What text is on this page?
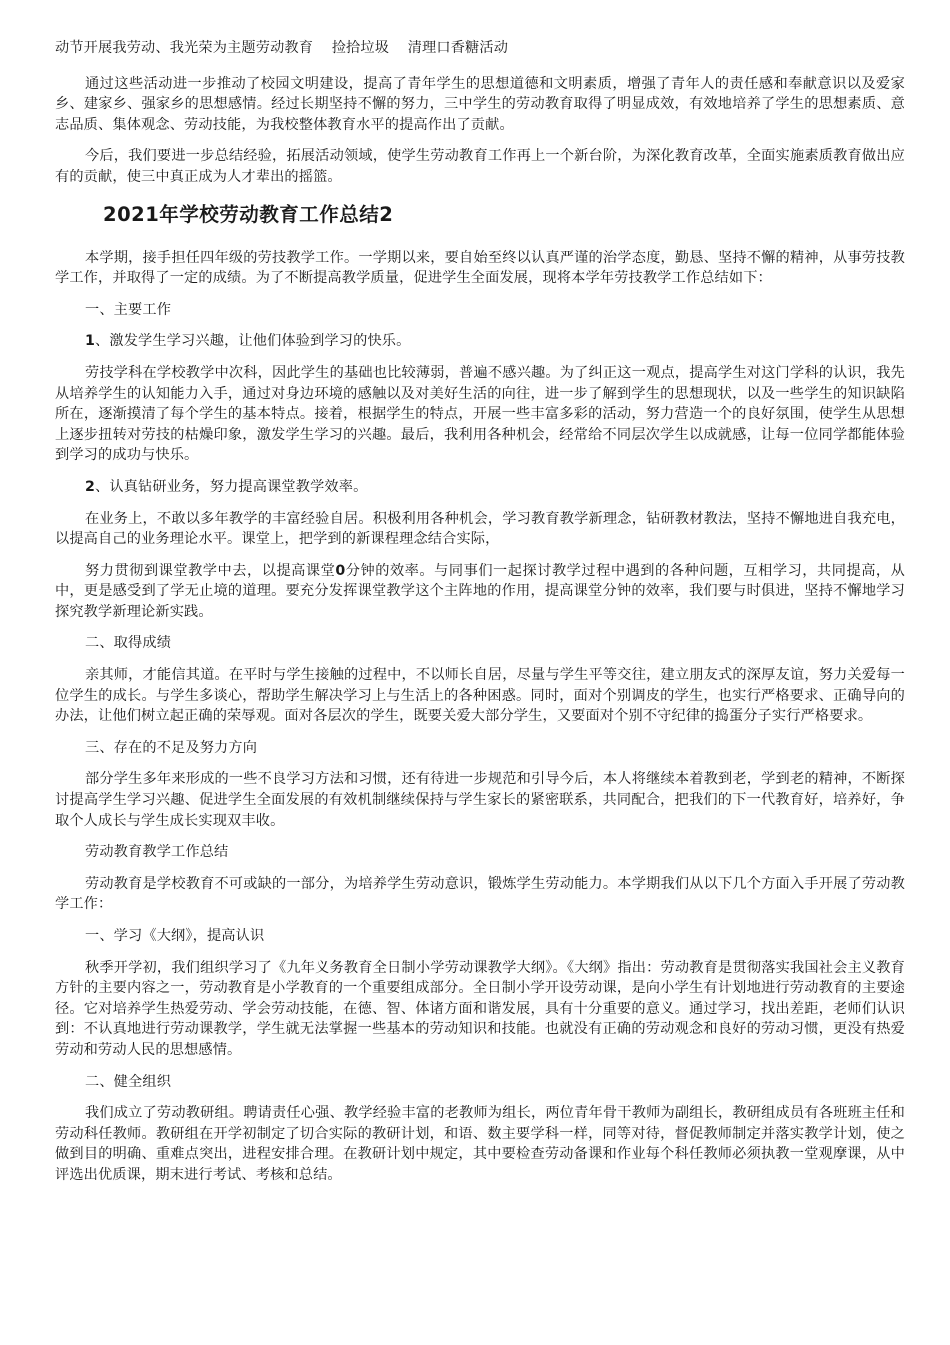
动节开展我劳动、我光荣为主题劳动教育    捡拾垃圾    清理口香糖活动

通过这些活动进一步推动了校园文明建设，提高了青年学生的思想道德和文明素质，增强了青年人的责任感和奉献意识以及爱家乡、建家乡、强家乡的思想感情。经过长期坚持不懈的努力，三中学生的劳动教育取得了明显成效，有效地培养了学生的思想素质、意志品质、集体观念、劳动技能，为我校整体教育水平的提高作出了贡献。

今后，我们要进一步总结经验，拓展活动领域，使学生劳动教育工作再上一个新台阶，为深化教育改革，全面实施素质教育做出应有的贡献，使三中真正成为人才辈出的摇篮。

2021年学校劳动教育工作总结2

本学期，接手担任四年级的劳技教学工作。一学期以来，要自始至终以认真严谨的治学态度，勤恳、坚持不懈的精神，从事劳技教学工作，并取得了一定的成绩。为了不断提高教学质量，促进学生全面发展，现将本学年劳技教学工作总结如下：

一、主要工作

1、激发学生学习兴趣，让他们体验到学习的快乐。

劳技学科在学校教学中次科，因此学生的基础也比较薄弱，普遍不感兴趣。为了纠正这一观点，提高学生对这门学科的认识，我先从培养学生的认知能力入手，通过对身边环境的感触以及对美好生活的向往，进一步了解到学生的思想现状，以及一些学生的知识缺陷所在，逐渐摸清了每个学生的基本特点。接着，根据学生的特点，开展一些丰富多彩的活动，努力营造一个的良好氛围，使学生从思想上逐步扭转对劳技的枯燥印象，激发学生学习的兴趣。最后，我利用各种机会，经常给不同层次学生以成就感，让每一位同学都能体验到学习的成功与快乐。

2、认真钻研业务，努力提高课堂教学效率。

在业务上，不敢以多年教学的丰富经验自居。积极利用各种机会，学习教育教学新理念，钻研教材教法，坚持不懈地进自我充电，以提高自己的业务理论水平。课堂上，把学到的新课程理念结合实际，

努力贯彻到课堂教学中去，以提高课堂0分钟的效率。与同事们一起探讨教学过程中遇到的各种问题，互相学习，共同提高，从中，更是感受到了学无止境的道理。要充分发挥课堂教学这个主阵地的作用，提高课堂分钟的效率，我们要与时俱进，坚持不懈地学习探究教学新理论新实践。

二、取得成绩

亲其师，才能信其道。在平时与学生接触的过程中，不以师长自居，尽量与学生平等交往，建立朋友式的深厚友谊，努力关爱每一位学生的成长。与学生多谈心，帮助学生解决学习上与生活上的各种困惑。同时，面对个别调皮的学生，也实行严格要求、正确导向的办法，让他们树立起正确的荣辱观。面对各层次的学生，既要关爱大部分学生，又要面对个别不守纪律的捣蛋分子实行严格要求。

三、存在的不足及努力方向

部分学生多年来形成的一些不良学习方法和习惯，还有待进一步规范和引导今后，本人将继续本着教到老，学到老的精神，不断探讨提高学生学习兴趣、促进学生全面发展的有效机制继续保持与学生家长的紧密联系，共同配合，把我们的下一代教育好，培养好，争取个人成长与学生成长实现双丰收。

劳动教育教学工作总结

劳动教育是学校教育不可或缺的一部分，为培养学生劳动意识，锻炼学生劳动能力。本学期我们从以下几个方面入手开展了劳动教学工作：

一、学习《大纲》，提高认识

秋季开学初，我们组织学习了《九年义务教育全日制小学劳动课教学大纲》。《大纲》指出：劳动教育是贯彻落实我国社会主义教育方针的主要内容之一，劳动教育是小学教育的一个重要组成部分。全日制小学开设劳动课，是向小学生有计划地进行劳动教育的主要途径。它对培养学生热爱劳动、学会劳动技能，在德、智、体诸方面和谐发展，具有十分重要的意义。通过学习，找出差距，老师们认识到：不认真地进行劳动课教学，学生就无法掌握一些基本的劳动知识和技能。也就没有正确的劳动观念和良好的劳动习惯，更没有热爱劳动和劳动人民的思想感情。

二、健全组织

我们成立了劳动教研组。聘请责任心强、教学经验丰富的老教师为组长，两位青年骨干教师为副组长，教研组成员有各班班主任和劳动科任教师。教研组在开学初制定了切合实际的教研计划，和语、数主要学科一样，同等对待，督促教师制定并落实教学计划，使之做到目的明确、重难点突出，进程安排合理。在教研计划中规定，其中要检查劳动备课和作业每个科任教师必须执教一堂观摩课，从中评选出优质课，期末进行考试、考核和总结。
